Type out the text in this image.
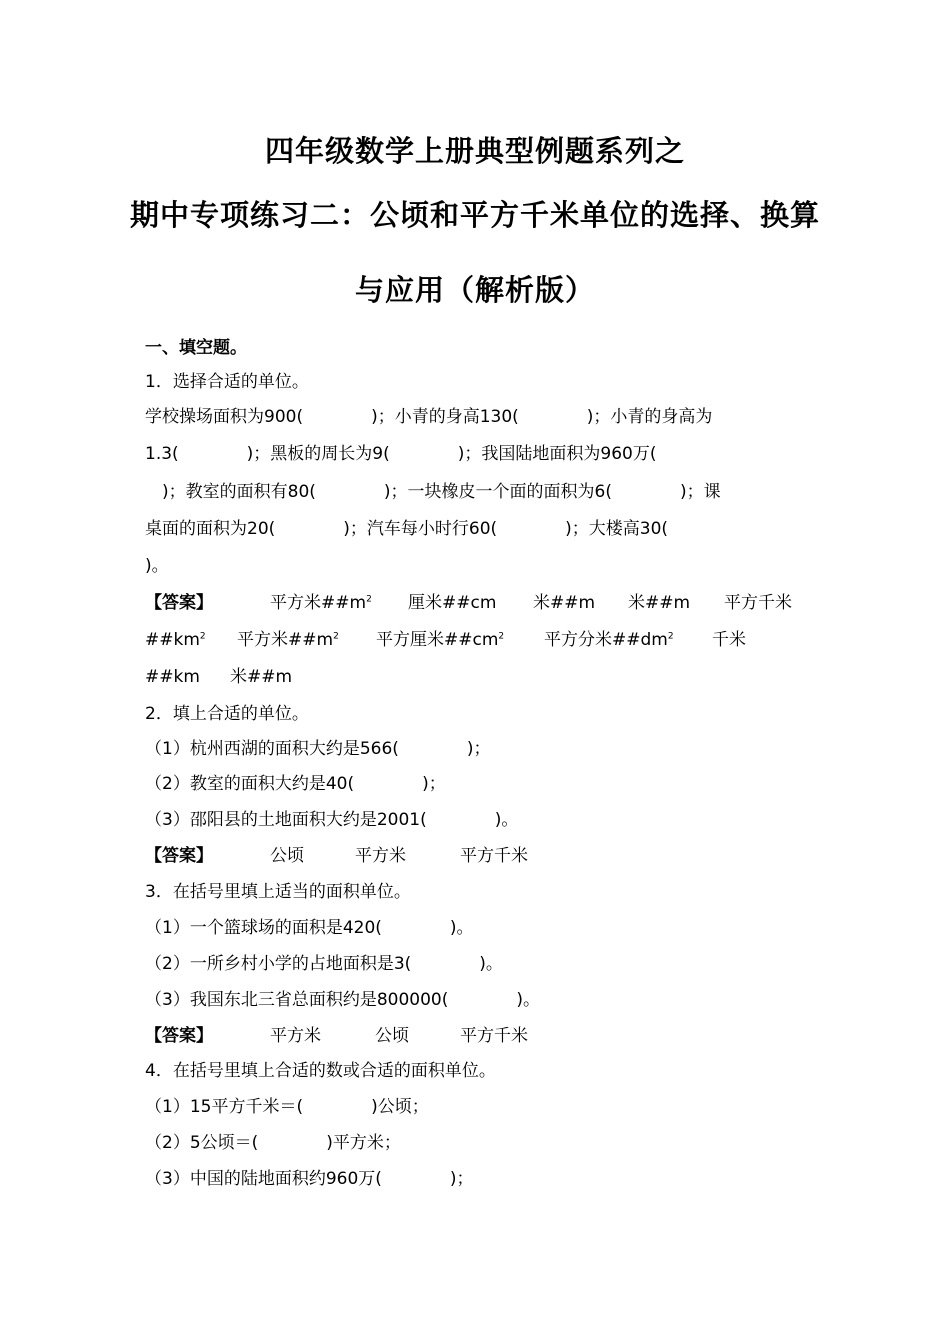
四年级数学上册典型例题系列之
期中专项练习二：公顷和平方千米单位的选择、换算
与应用（解析版）
一、填空题。
1．选择合适的单位。
学校操场面积为900(　　　　)；小青的身高130(　　　　)；小青的身高为
1.3(　　　　)；黑板的周长为9(　　　　)；我国陆地面积为960万(
　)；教室的面积有80(　　　　)；一块橡皮一个面的面积为6(　　　　)；课
桌面的面积为20(　　　　)；汽车每小时行60(　　　　)；大楼高30(
)。
【答案】	平方米$\#\#m^2$ 厘米##cm 米##m 米##m 平方千米
$\#\#km^2$ 平方米$\#\#m^2$ 平方厘米$\#\#cm^2$ 平方分米$\#\#dm^2$ 千米
##km 米##m
2．填上合适的单位。
（1）杭州西湖的面积大约是566(　　　　)；
（2）教室的面积大约是40(　　　　)；
（3）邵阳县的土地面积大约是2001(　　　　)。
【答案】	公顷	平方米	平方千米
3．在括号里填上适当的面积单位。
（1）一个篮球场的面积是420(　　　　)。
（2）一所乡村小学的占地面积是3(　　　　)。
（3）我国东北三省总面积约是800000(　　　　)。
【答案】	平方米	公顷	平方千米
4．在括号里填上合适的数或合适的面积单位。
（1）15平方千米＝(　　　　)公顷；
（2）5公顷＝(　　　　)平方米；
（3）中国的陆地面积约960万(　　　　)；
